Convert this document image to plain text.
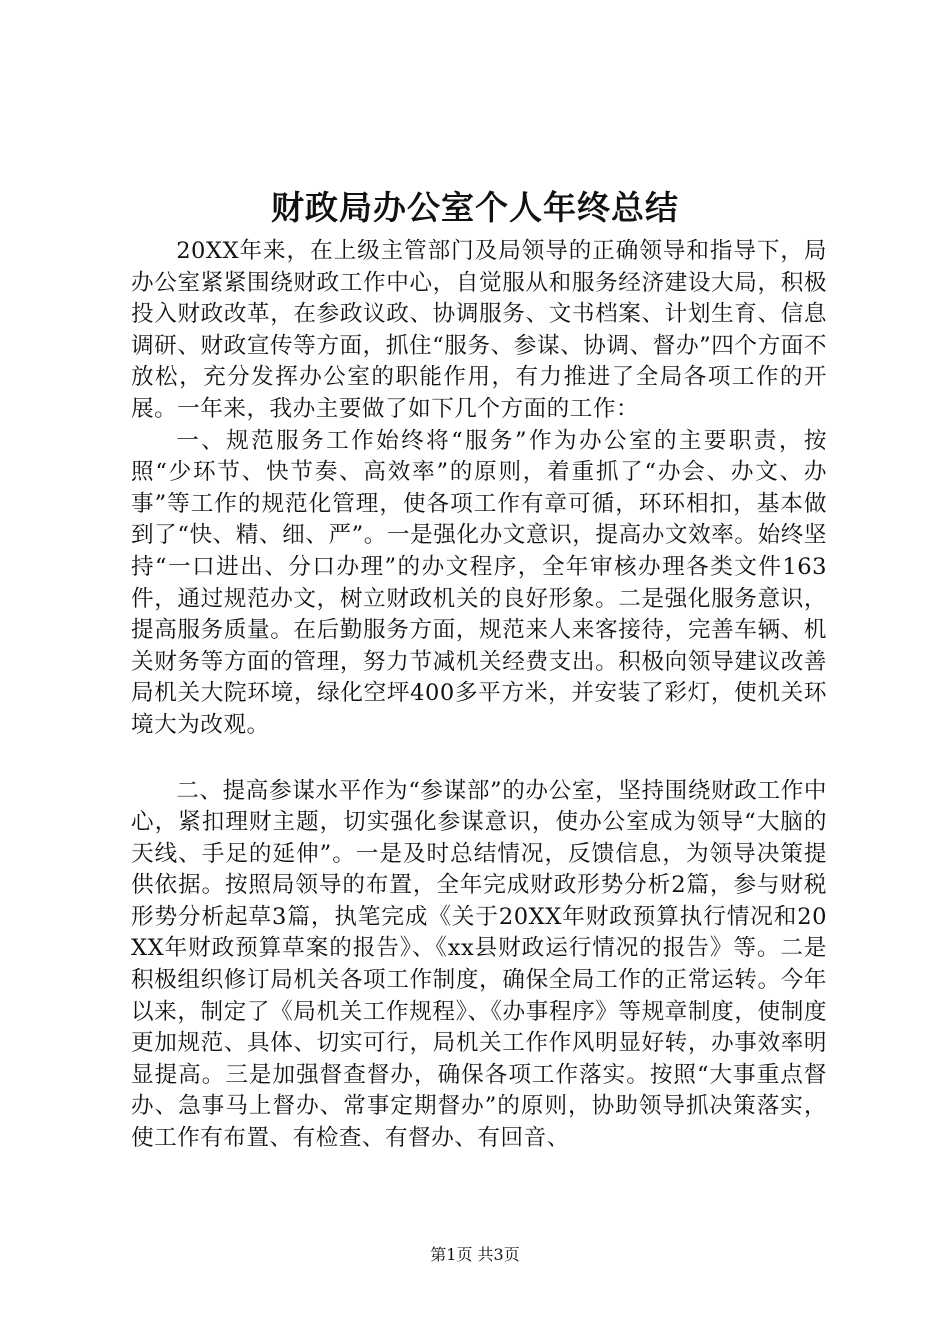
财政局办公室个人年终总结

20XX年来，在上级主管部门及局领导的正确领导和指导下，局办公室紧紧围绕财政工作中心，自觉服从和服务经济建设大局，积极投入财政改革，在参政议政、协调服务、文书档案、计划生育、信息调研、财政宣传等方面，抓住“服务、参谋、协调、督办”四个方面不放松，充分发挥办公室的职能作用，有力推进了全局各项工作的开展。一年来，我办主要做了如下几个方面的工作：

一、规范服务工作始终将“服务”作为办公室的主要职责，按照“少环节、快节奏、高效率”的原则，着重抓了“办会、办文、办事”等工作的规范化管理，使各项工作有章可循，环环相扣，基本做到了“快、精、细、严”。一是强化办文意识，提高办文效率。始终坚持“一口进出、分口办理”的办文程序，全年审核办理各类文件163件，通过规范办文，树立财政机关的良好形象。二是强化服务意识，提高服务质量。在后勤服务方面，规范来人来客接待，完善车辆、机关财务等方面的管理，努力节减机关经费支出。积极向领导建议改善局机关大院环境，绿化空坪400多平方米，并安装了彩灯，使机关环境大为改观。

二、提高参谋水平作为“参谋部”的办公室，坚持围绕财政工作中心，紧扣理财主题，切实强化参谋意识，使办公室成为领导“大脑的天线、手足的延伸”。一是及时总结情况，反馈信息，为领导决策提供依据。按照局领导的布置，全年完成财政形势分析2篇，参与财税形势分析起草3篇，执笔完成《关于20XX年财政预算执行情况和20XX年财政预算草案的报告》、《xx县财政运行情况的报告》等。二是积极组织修订局机关各项工作制度，确保全局工作的正常运转。今年以来，制定了《局机关工作规程》、《办事程序》等规章制度，使制度更加规范、具体、切实可行，局机关工作作风明显好转，办事效率明显提高。三是加强督查督办，确保各项工作落实。按照“大事重点督办、急事马上督办、常事定期督办”的原则，协助领导抓决策落实，使工作有布置、有检查、有督办、有回音、

第1页 共3页
